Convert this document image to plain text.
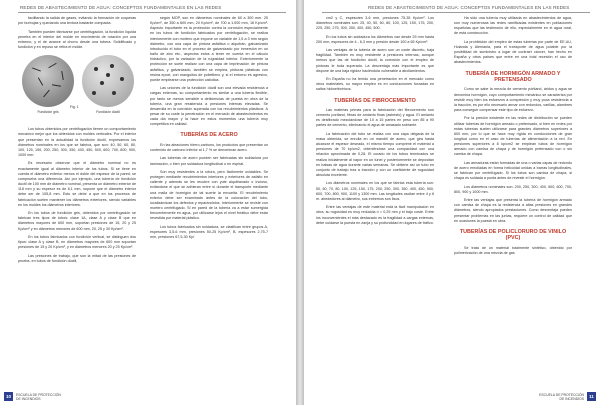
REDES DE ABASTECIMIENTO DE AGUA: CONCEPTOS FUNDAMENTALES EN LAS REDES

facilitando la salida de gases, evitando la formación de coqueras por burbujas y quedando una textura bastante compacta.

También pueden fabricarse por centrifugación, la fundición líquida penetra en el interior del molde en movimiento de rotación por una extremo, y el de avance al chorro desde una tobera. Solidificado y fundición y en reposo se retira el molde.

Fundición gris	Fundición dúctil
Fig. 1

Los tubos obtenidos por centrifugación tienen un comportamiento mecánico mejor que los obtenidos con moldes verticales. Por el interior que presentan en la actualidad la fundición dúctil, expresamos los diámetros nominales en los que se fabrica, que son: 40, 50, 60, 80, 100, 125, 150, 200, 250, 300, 350, 400, 450, 500, 600, 700, 800, 900, 1000 mm.

Es necesario observar que el diámetro nominal no es exactamente igual al diámetro interior de los tubos. Si se tiene en cuenta el diámetro exterior menos el doble del espesor de la pared, se comprueba una diferencia. Así por ejemplo, una tubería de fundición dúctil de 100 mm de diámetro nominal, presenta un diámetro exterior de 118 mm y su espesor es de 6,1 mm, supone que el diámetro interior debe ser de 105,8 mm. Esto se debe a que en los procesos de fabricación suelen mantener los diámetros exteriores, siendo variables en los moldes los diámetros interiores.

En los tubos de fundición gris, obtenidos por centrifugación se fabrican tres tipos de tubos: clase 1A, clase A y clase B que en diámetros mayores de 600 mm, soportan presiones de 15, 20 y 25 Kp/cm² y en diámetros menores de 600 mm, 20, 25 y 30 Kp/cm².

En los tubos fabricados con fundición vertical, se distinguen dos tipos: clase A y clase B, en diámetros mayores de 600 mm soportan presiones de 15 y 20 Kp/cm², y en diámetros menores 20 y 25 Kp/cm².

Las presiones de trabajo, que son la mitad de las presiones de prueba, en tubos de fundición dúctil,

según MOP, son en diámetros nominales de 60 a 300 mm. 25 Kp/cm², de 350 a 600 mm, 20 Kp/cm², de 700 a 1.000 mm, 16 Kp/cm². Aspecto importante es la protección contra la corrosión especialmente en los tubos de fundición fabricados por centrifugación, se realiza interiormente con mortero que expone un variable de 1,5 a 3 mm según diámetro, con una capa de pintura asfáltica o alquitrán, galvanizado introducido el tubo en el proceso de galvanizado por inmersión en un baño de zinc etc., aspectos estos a tener en cuenta en el cálculo hidráulico, por la variación de la rugosidad interior. Exteriormente la protección se suele realizar con una capa de imprimación de pintura asfáltica, y galvanizado, también se emplea, pinturas plásticas con resina epoxi; con manguitos de polietileno y, si el entorno es agresivo, puede emplearse una protección catódica.

Las uniones de la fundición dúctil son una elevada resistencia a cargas externas, su comportamiento es similar a una tubería flexible, por tanto se menos sensible a deficiencias de puesta en obra de la tubería, una gran resistencia a presiones internas elevadas. Se desarrolla en la corrosión superada con los recubrimientos plásticos. A pesar de su coste la penetración en el mercado de abastecimientos es cada día mayor y la hace en estos momentos una tubería muy competitiva en calidad.

TUBERÍAS DE ACERO

En las aleaciones hierro-carbono, los productos que presentan un contenido de carbono inferior al 1,7 % se denominan acero.

Las tuberías de acero pueden ser fabricadas sin soldadura por laminación, o bien por soldadura longitudinal o en espiral.

Son muy resistentes a la rotura, pero fácilmente oxidables. Se protegen mediante recubrimientos interiores y exteriores de asfalto en caliente y además se les recubre con yute alquitranado o incluso, evitándose el que se adhieran entre sí durante el transporte mediante una malla de hormigón de tal suerte la envuelta. El recubrimiento exterior debe ser examinado antes de la colocación del tubo, localizándose los defectos y reparándolos. Interiormente se reviste con mortero centrifugado. Si en pared de la tubería va a estar sumergida frecuentemente en agua, por utilizarse lejos el nivel freático debe estar revestida por material plástico.

Los tubos fabricados sin soldadura, se clasifican entre grupos A, espesores 3,5-6 mm, presiones 50-25 Kp/cm², B, espesores 2,75-7 mm, presiones 67,5-30 Kp/

10	ESCUELA DE PROTECCIÓN
DE INCENDIOS
REDES DE ABASTECIMIENTO DE AGUA: CONCEPTOS FUNDAMENTALES EN LAS REDES

cm2 y C, espesores 3-6 mm, presiones 75-35 Kp/cm². Los diámetros nominales son: 25, 40, 50, 60, 80, 100, 125, 150, 175, 200, 225, 250, 275, 300, 350, 400, 450, 500.

En los tubos sin soldadura los diámetros van desde 25 mm hasta 200 mm, espesores de 4 - 6,3 mm y presión desde 100 a 65 Kp/cm².

Las ventajas de la tubería de acero son un coste discreto, baja fragilidad. También es muy resistente a presiones internas, aunque menos que las de fundición dúctil, la corrosión con el empleo de pinturas le toda superado. La desventaja más importante es que dispone de una baja rigidez haciéndola vulnerable a abollamientos.

En España no ha tenido una penetración en el mercado como otros materiales, su mayor empleo es en conducciones forzadas en saltos hidroeléctricos.

TUBERÍAS DE FIBROCEMENTO

Las materias primas para la fabricación del fibrocemento son cemento portland, fibras de amianto finas (asbesto) y agua. El amianto es desfibrado mezclándose de 10 a 15 partes en peso con 85 a 90 partes de cemento, eliminando el agua de amasado sobrante.

La fabricación del tubo se realiza con una capa delgada de la masa obtenida, se enrolla en un mandril de acero, que gira hasta alcanzar el espesor deseado, el mismo tiempo comprime el material a presiones de 70 kp/cm2, obteniéndose una compacidad con una relación aproximada de 0,28. El curado de los tubos terminados se realiza inicialmente al vapor en un túnel y posteriormente se depositan en balsas de agua durante varias semanas. Se obtiene así un tubo en conjunto de trabajo tras a tracción y con un coeficiente de rugosidad absoluta excelente.

Los diámetros nominales en los que se fabrica esta tubería son: 50, 60, 70, 80, 100, 125, 150, 175, 200, 250, 300, 350, 400, 450, 500, 600, 700, 800, 900, 1100 y 1300 mm. Las longitudes oscilan entre 4 y 6 m. alrededores al diámetro, sus extremos son lisos.

Entre las ventajas de este material está la fácil manipulación en obra, su rugosidad es muy reducida n = 0,25 mm y el bajo coste. Entre los inconvenientes el más destacado es la fragilidad a cargas externas, debe cuidarse la puesta en zanja y su profundidad en lugares de tráfico.

Ha sido una tubería muy utilizada en abastecimientos de agua, son muy numerosas las redes ramificadas existentes en poblaciones españolas que las testimonio de ello, especialmente en el agua rural, de esta construcción.

La prohibición del empleo de estas tuberías por parte de EE.UU, Holanda y Alemania, para el transporte de agua potable por la posibilidad de suministro a lugar de contraer cáncer, han hecho en España y otros países que entre en una total recesión el uso de abastecimientos.

TUBERÍA DE HORMIGÓN ARMADO Y PRETENSADO

Como se sabe la mezcla de cemento pórtland, áridos y agua se denomina hormigón, cuyo comportamiento mecánico se caracteriza por resistir muy bien los esfuerzos a compresión y muy poca resistencia a la tracción, es por ello necesario armar con redondos, varillas, alambres para conseguir compensar este tipo de esfuerzo.

Por la presión existente en las redes de distribución se pueden utilizar tuberías de hormigón armado o pretensado, si bien en redes por estas tuberías suelen utilizarse para grandes diámetros superiores a 600 mm, por lo que se hace muy rígida en conducciones de gran longitud como en el caso de tuberías de alimentación a la red. En presiones superiores a 8 kp/cm2 se emplean tubos de hormigón armado con camisa de chapa y de hormigón pretensado con o sin camisa de chapa.

Las armaduras están formadas de una o varias capas de redondo de acero enrolladas en forma helicoidal unidas a barras longitudinales, se fabrican por centrifugado. Si los tubos son camisa de chapa, si chapa es soldada a punta antes de revestir el hormigón.

Los diámetros nominales son: 200, 250, 300, 400, 500, 600, 700, 800, 900 y 1000 mm.

Entre las ventajas que presenta la tubería de hormigón armado con camisa de chapa es la resistencia a altas presiones en grandes diámetros, siendo apropiados prestaciones. Como desventaja pueden presentar problemas en las juntas, requiere un control de calidad que en ocasiones la puesta en obra.

TUBERÍAS DE POLICLORURO DE VINILO (PVC)

Se trata de un material totalmente sintético, obtenido por polimerización de una mezcla de gas

ESCUELA DE PROTECCIÓN
DE INCENDIOS	11
